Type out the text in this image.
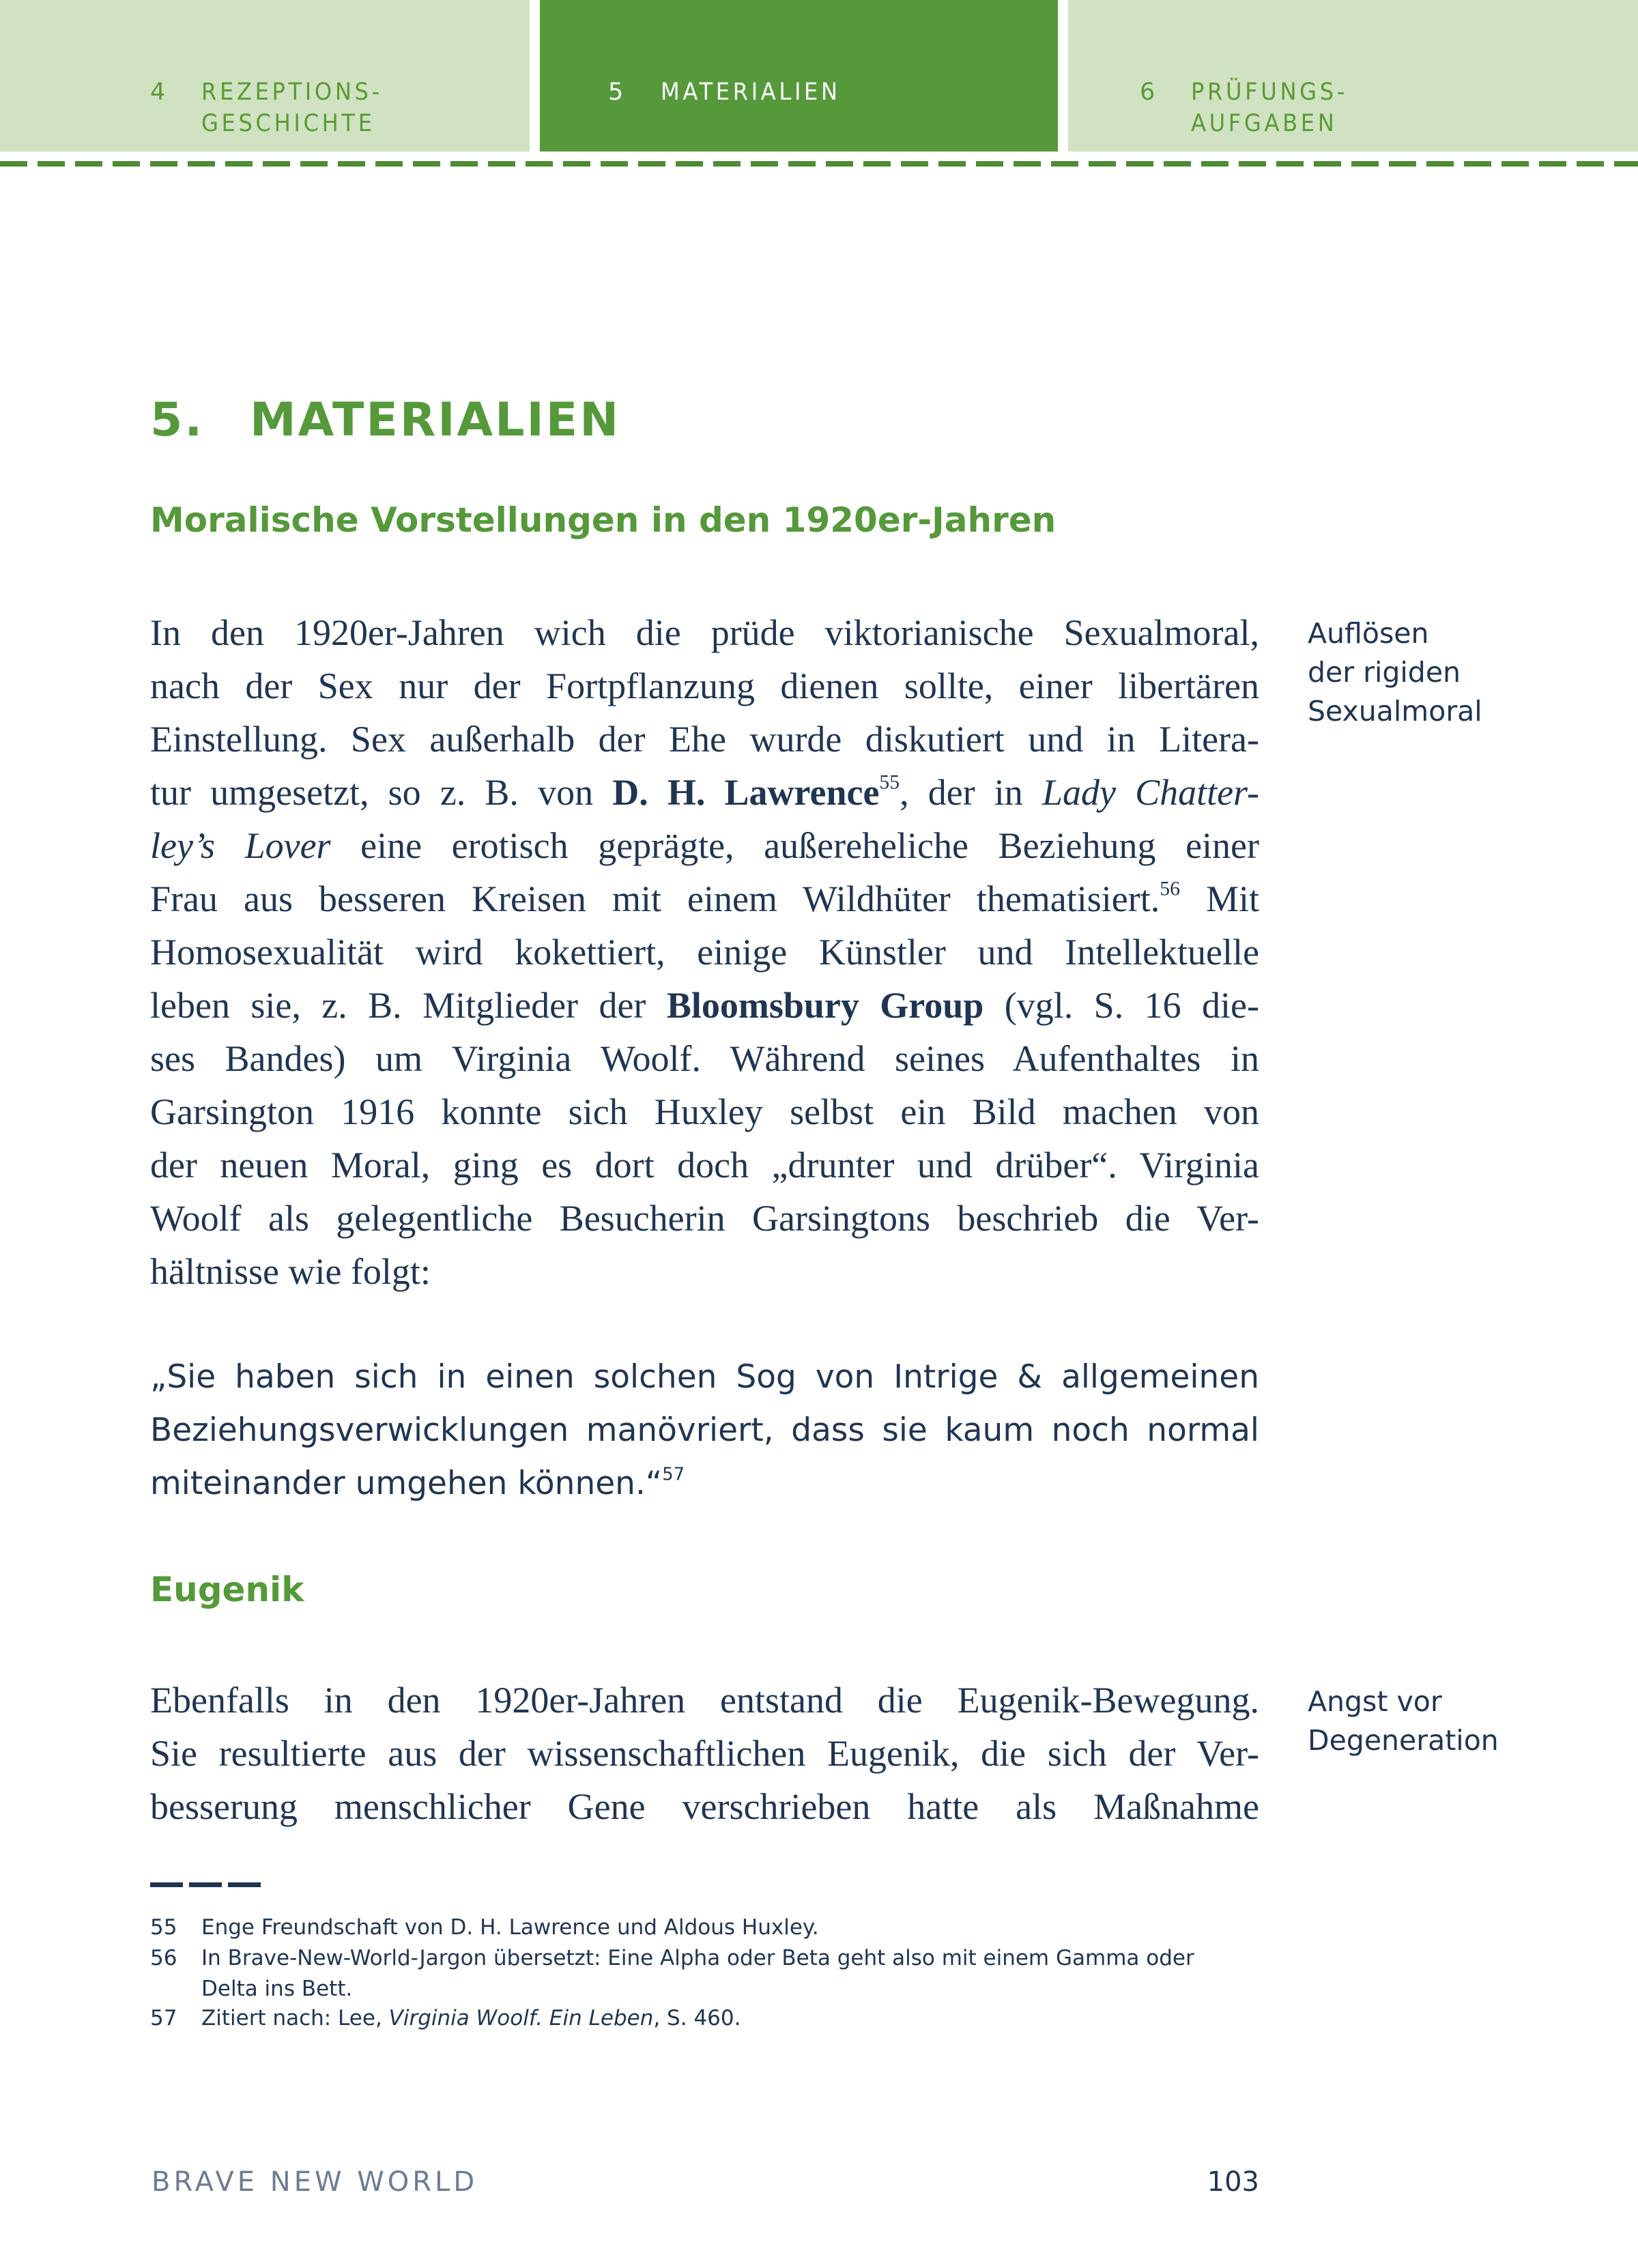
4 REZEPTIONS-
GESCHICHTE
5 MATERIALIEN	6 PRÜFUNGS-
AUFGABEN
5. MATERIALIEN
Moralische Vorstellungen in den 1920er-Jahren
In den 1920er-Jahren wich die prüde viktorianische Sexualmoral,
nach der Sex nur der Fortpflanzung dienen sollte, einer libertären
Einstellung. Sex außerhalb der Ehe wurde diskutiert und in Litera-
tur umgesetzt, so z. B. von D. H. Lawrence$^{55}$, der in Lady Chatter-
ley’s Lover eine erotisch geprägte, außereheliche Beziehung einer
Frau aus besseren Kreisen mit einem Wildhüter thematisiert.$^{56}$ Mit
Homosexualität wird kokettiert, einige Künstler und Intellektuelle
leben sie, z. B. Mitglieder der Bloomsbury Group (vgl. S. 16 die-
ses Bandes) um Virginia Woolf. Während seines Aufenthaltes in
Garsington 1916 konnte sich Huxley selbst ein Bild machen von
der neuen Moral, ging es dort doch „drunter und drüber“. Virginia
Woolf als gelegentliche Besucherin Garsingtons beschrieb die Ver-
hältnisse wie folgt:
Auflösen
der rigiden
Sexualmoral
„Sie haben sich in einen solchen Sog von Intrige & allgemeinen
Beziehungsverwicklungen manövriert, dass sie kaum noch normal
miteinander umgehen können.“$^{57}$
Eugenik
Ebenfalls in den 1920er-Jahren entstand die Eugenik-Bewegung.
Sie resultierte aus der wissenschaftlichen Eugenik, die sich der Ver-
besserung menschlicher Gene verschrieben hatte als Maßnahme
Angst vor
Degeneration
55 Enge Freundschaft von D. H. Lawrence und Aldous Huxley.
56 In Brave-New-World-Jargon übersetzt: Eine Alpha oder Beta geht also mit einem Gamma oder
Delta ins Bett.
57 Zitiert nach: Lee, Virginia Woolf. Ein Leben, S. 460.
BRAVE NEW WORLD	103
